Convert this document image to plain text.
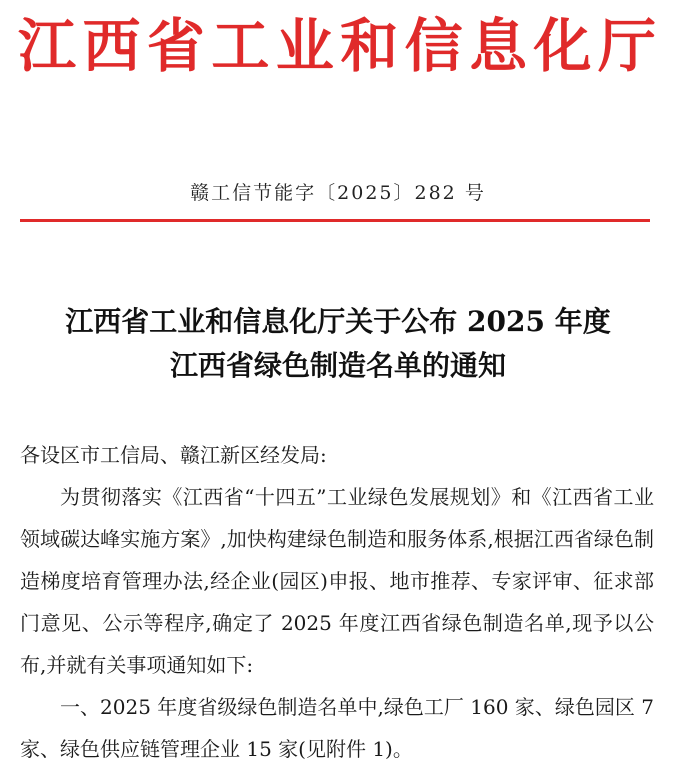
江西省工业和信息化厅
赣工信节能字〔2025〕282 号
江西省工业和信息化厅关于公布 2025 年度
江西省绿色制造名单的通知

各设区市工信局、赣江新区经发局:

为贯彻落实《江西省“十四五”工业绿色发展规划》和《江西省工业领域碳达峰实施方案》,加快构建绿色制造和服务体系,根据江西省绿色制造梯度培育管理办法,经企业(园区)申报、地市推荐、专家评审、征求部门意见、公示等程序,确定了 2025 年度江西省绿色制造名单,现予以公布,并就有关事项通知如下:

一、2025 年度省级绿色制造名单中,绿色工厂 160 家、绿色园区 7 家、绿色供应链管理企业 15 家(见附件 1)。
